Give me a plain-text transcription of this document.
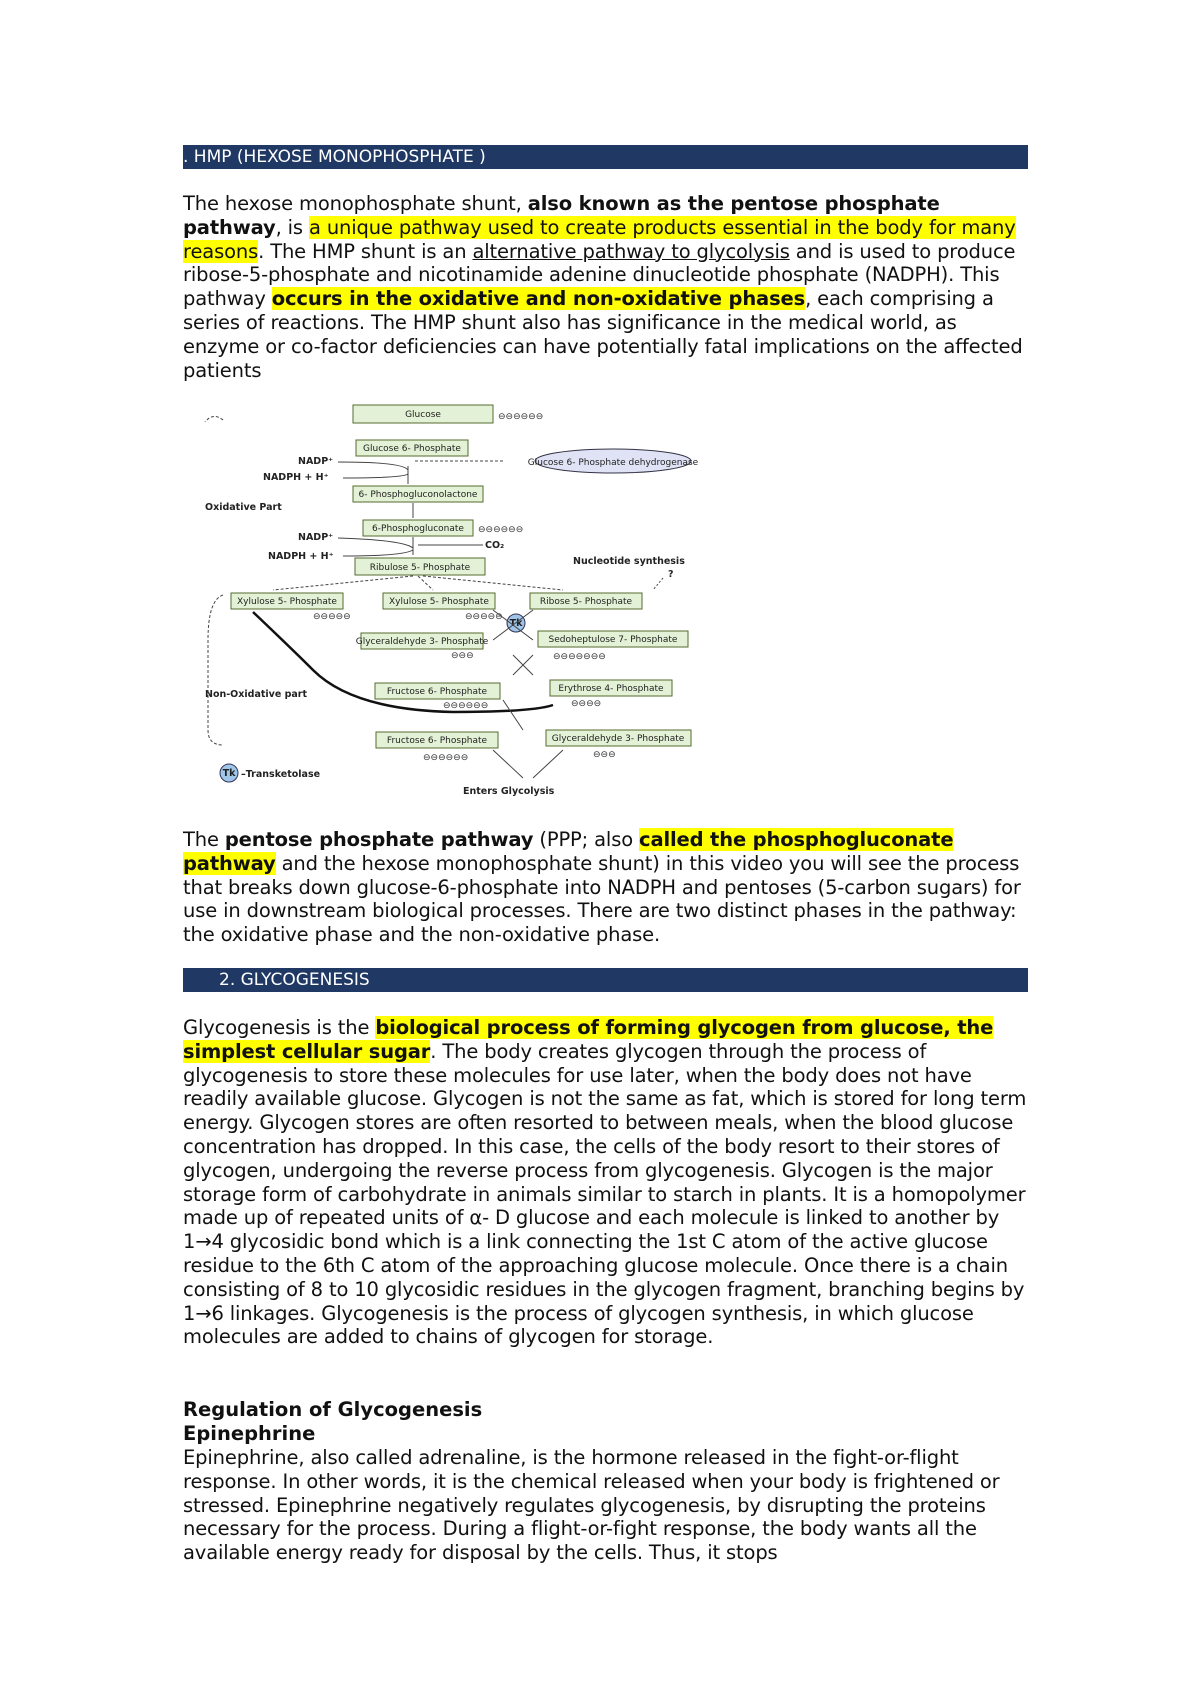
. HMP (HEXOSE MONOPHOSPHATE )
The hexose monophosphate shunt, also known as the pentose phosphate pathway, is a unique pathway used to create products essential in the body for many reasons. The HMP shunt is an alternative pathway to glycolysis and is used to produce ribose-5-phosphate and nicotinamide adenine dinucleotide phosphate (NADPH). This pathway occurs in the oxidative and non-oxidative phases, each comprising a series of reactions. The HMP shunt also has significance in the medical world, as enzyme or co-factor deficiencies can have potentially fatal implications on the affected patients
Glucose	⊖⊖⊖⊖⊖⊖
Glucose 6- Phosphate
NADP⁺
NADPH + H⁺
Glucose 6- Phosphate dehydrogenase
6- Phosphogluconolactone
Oxidative Part
6-Phosphogluconate ⊖⊖⊖⊖⊖⊖
NADP⁺
NADPH + H⁺
CO₂
Ribulose 5- Phosphate
Nucleotide synthesis
?
Xylulose 5- Phosphate
⊖⊖⊖⊖⊖
Xylulose 5- Phosphate
⊖⊖⊖⊖⊖
Ribose 5- Phosphate
Tk
Sedoheptulose 7- Phosphate
⊖⊖⊖⊖⊖⊖⊖
Glyceraldehyde 3- Phosphate
⊖⊖⊖
Non-Oxidative part	Fructose 6- Phosphate
⊖⊖⊖⊖⊖⊖
Erythrose 4- Phosphate
⊖⊖⊖⊖
Fructose 6- Phosphate
⊖⊖⊖⊖⊖⊖
Glyceraldehyde 3- Phosphate
⊖⊖⊖
Tk –Transketolase
Enters Glycolysis
The pentose phosphate pathway (PPP; also called the phosphogluconate pathway and the hexose monophosphate shunt) in this video you will see the process that breaks down glucose-6-phosphate into NADPH and pentoses (5-carbon sugars) for use in downstream biological processes. There are two distinct phases in the pathway: the oxidative phase and the non-oxidative phase.
2. GLYCOGENESIS
Glycogenesis is the biological process of forming glycogen from glucose, the simplest cellular sugar. The body creates glycogen through the process of glycogenesis to store these molecules for use later, when the body does not have readily available glucose. Glycogen is not the same as fat, which is stored for long term energy. Glycogen stores are often resorted to between meals, when the blood glucose concentration has dropped. In this case, the cells of the body resort to their stores of glycogen, undergoing the reverse process from glycogenesis. Glycogen is the major storage form of carbohydrate in animals similar to starch in plants. It is a homopolymer made up of repeated units of α- D glucose and each molecule is linked to another by 1→4 glycosidic bond which is a link connecting the 1st C atom of the active glucose residue to the 6th C atom of the approaching glucose molecule. Once there is a chain consisting of 8 to 10 glycosidic residues in the glycogen fragment, branching begins by 1→6 linkages. Glycogenesis is the process of glycogen synthesis, in which glucose molecules are added to chains of glycogen for storage.
Regulation of Glycogenesis
Epinephrine
Epinephrine, also called adrenaline, is the hormone released in the fight-or-flight response. In other words, it is the chemical released when your body is frightened or stressed. Epinephrine negatively regulates glycogenesis, by disrupting the proteins necessary for the process. During a flight-or-fight response, the body wants all the available energy ready for disposal by the cells. Thus, it stops
